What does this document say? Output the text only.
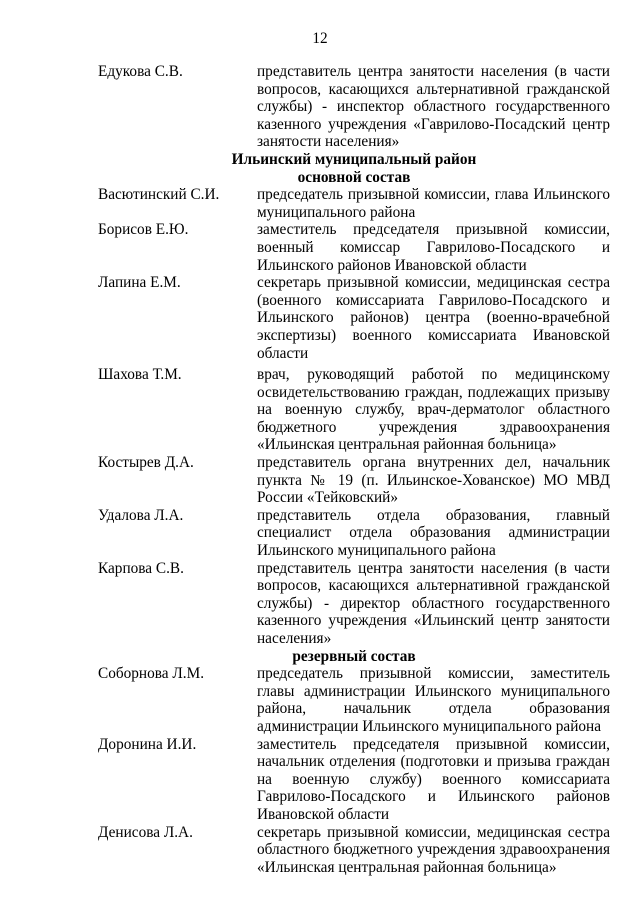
12
Едукова С.В.	представитель центра занятости населения (в части вопросов, касающихся альтернативной гражданской службы) - инспектор областного государственного казенного учреждения «Гаврилово-Посадский центр занятости населения»
Ильинский муниципальный район
основной состав
Васютинский С.И.	председатель призывной комиссии, глава Ильинского муниципального района
Борисов Е.Ю.	заместитель председателя призывной комиссии, военный комиссар Гаврилово-Посадского и Ильинского районов Ивановской области
Лапина Е.М.	секретарь призывной комиссии, медицинская сестра (военного комиссариата Гаврилово-Посадского и Ильинского районов) центра (военно-врачебной экспертизы) военного комиссариата Ивановской области
Шахова Т.М.	врач, руководящий работой по медицинскому освидетельствованию граждан, подлежащих призыву на военную службу, врач-дерматолог областного бюджетного учреждения здравоохранения «Ильинская центральная районная больница»
Костырев Д.А.	представитель органа внутренних дел, начальник пункта № 19 (п. Ильинское-Хованское) МО МВД России «Тейковский»
Удалова Л.А.	представитель отдела образования, главный специалист отдела образования администрации Ильинского муниципального района
Карпова С.В.	представитель центра занятости населения (в части вопросов, касающихся альтернативной гражданской службы) - директор областного государственного казенного учреждения «Ильинский центр занятости населения»
резервный состав
Соборнова Л.М.	председатель призывной комиссии, заместитель главы администрации Ильинского муниципального района, начальник отдела образования администрации Ильинского муниципального района
Доронина И.И.	заместитель председателя призывной комиссии, начальник отделения (подготовки и призыва граждан на военную службу) военного комиссариата Гаврилово-Посадского и Ильинского районов Ивановской области
Денисова Л.А.	секретарь призывной комиссии, медицинская сестра областного бюджетного учреждения здравоохранения «Ильинская центральная районная больница»
